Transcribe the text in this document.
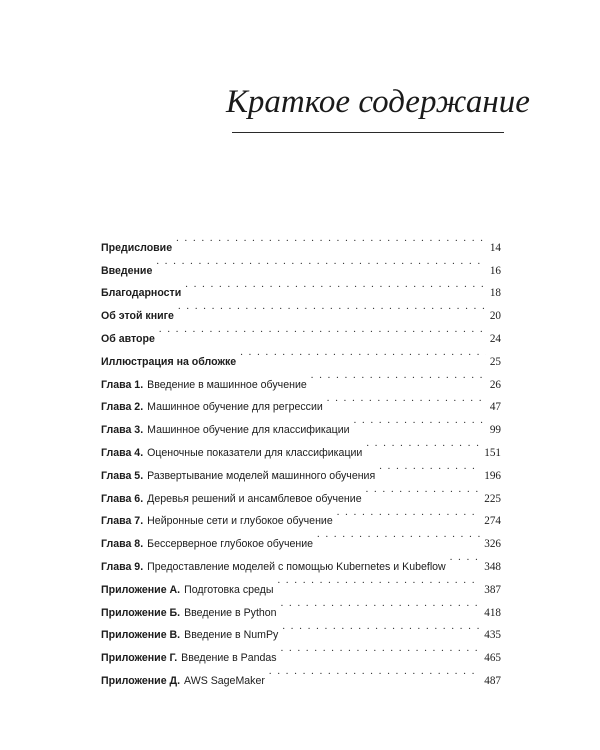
Краткое содержание
Предисловие . . .	14
Введение . . .	16
Благодарности . . .	18
Об этой книге . . .	20
Об авторе . . .	24
Иллюстрация на обложке . . .	25
Глава 1. Введение в машинное обучение . . .	26
Глава 2. Машинное обучение для регрессии . . .	47
Глава 3. Машинное обучение для классификации . . .	99
Глава 4. Оценочные показатели для классификации . . .	151
Глава 5. Развертывание моделей машинного обучения . . .	196
Глава 6. Деревья решений и ансамблевое обучение . . .	225
Глава 7. Нейронные сети и глубокое обучение . . .	274
Глава 8. Бессерверное глубокое обучение . . .	326
Глава 9. Предоставление моделей с помощью Kubernetes и Kubeflow . . .	348
Приложение А. Подготовка среды . . .	387
Приложение Б. Введение в Python . . .	418
Приложение В. Введение в NumPy . . .	435
Приложение Г. Введение в Pandas . . .	465
Приложение Д. AWS SageMaker . . .	487
